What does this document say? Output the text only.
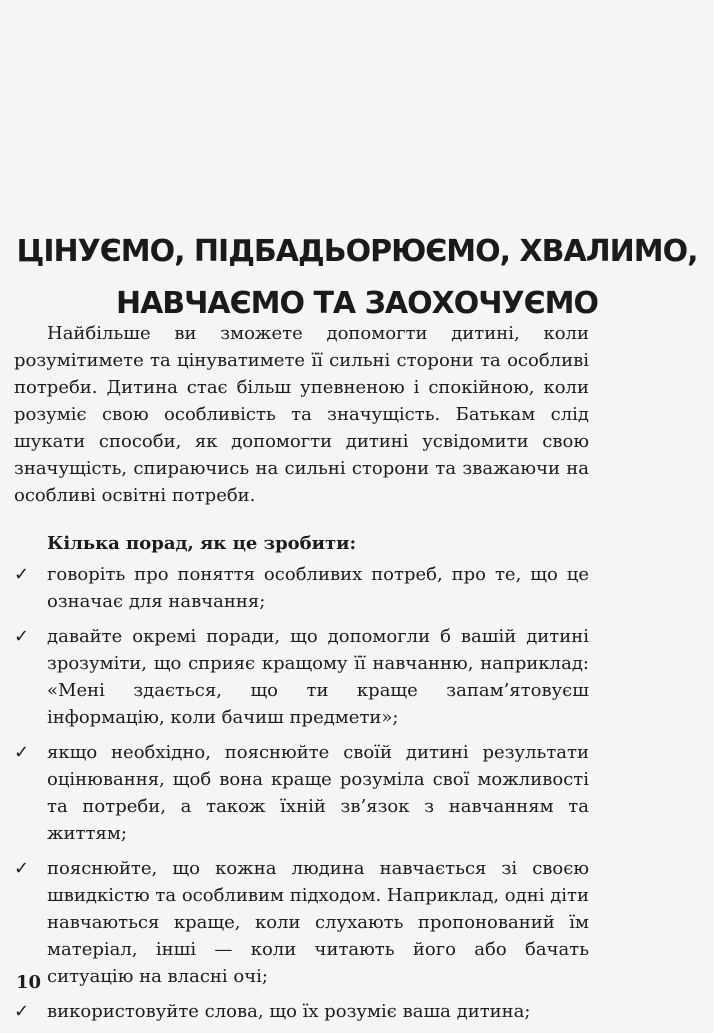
ЦІНУЄМО, ПІДБАДЬОРЮЄМО, ХВАЛИМО,
НАВЧАЄМО ТА ЗАОХОЧУЄМО

Найбільше ви зможете допомогти дитині, коли розумітимете та цінуватимете її сильні сторони та особливі потреби. Дитина стає більш упевненою і спокійною, коли розуміє свою особливість та значущість. Батькам слід шукати способи, як допомогти дитині усвідомити свою значущість, спираючись на сильні сторони та зважаючи на особливі освітні потреби.

Кілька порад, як це зробити:

✓ говоріть про поняття особливих потреб, про те, що це означає для навчання;
✓ давайте окремі поради, що допомогли б вашій дитині зрозуміти, що сприяє кращому її навчанню, наприклад: «Мені здається, що ти краще запам’ятовуєш інформацію, коли бачиш предмети»;
✓ якщо необхідно, пояснюйте своїй дитині результати оцінювання, щоб вона краще розуміла свої можливості та потреби, а також їхній зв’язок з навчанням та життям;
✓ пояснюйте, що кожна людина навчається зі своєю швидкістю та особливим підходом. Наприклад, одні діти навчаються краще, коли слухають пропонований їм матеріал, інші — коли читають його або бачать ситуацію на власні очі;
✓ використовуйте слова, що їх розуміє ваша дитина;
10
